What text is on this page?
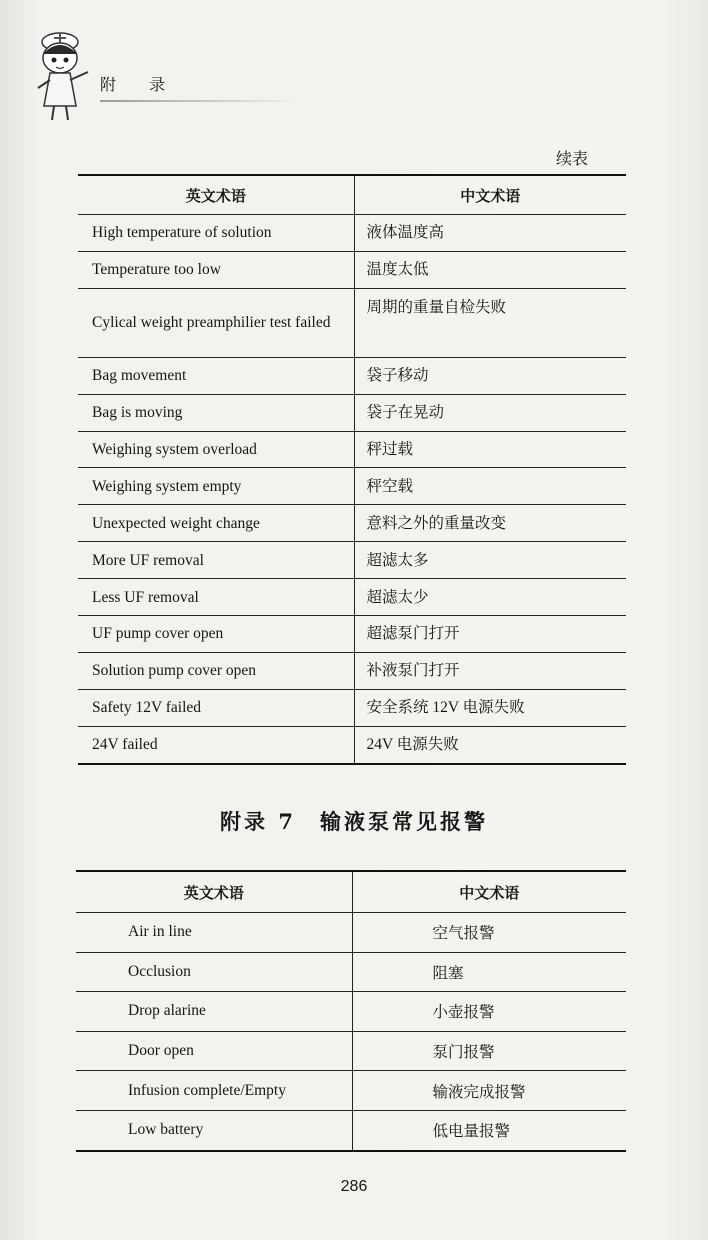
附 录
续表
英文术语	中文术语
High temperature of solution	液体温度高
Temperature too low	温度太低
Cylical weight preamphilier test failed	周期的重量自检失败
Bag movement	袋子移动
Bag is moving	袋子在晃动
Weighing system overload	秤过载
Weighing system empty	秤空载
Unexpected weight change	意料之外的重量改变
More UF removal	超滤太多
Less UF removal	超滤太少
UF pump cover open	超滤泵门打开
Solution pump cover open	补液泵门打开
Safety 12V failed	安全系统 12V 电源失败
24V failed	24V 电源失败
附录 7　输液泵常见报警
英文术语	中文术语
Air in line	空气报警
Occlusion	阻塞
Drop alarine	小壶报警
Door open	泵门报警
Infusion complete/Empty	输液完成报警
Low battery	低电量报警
286
